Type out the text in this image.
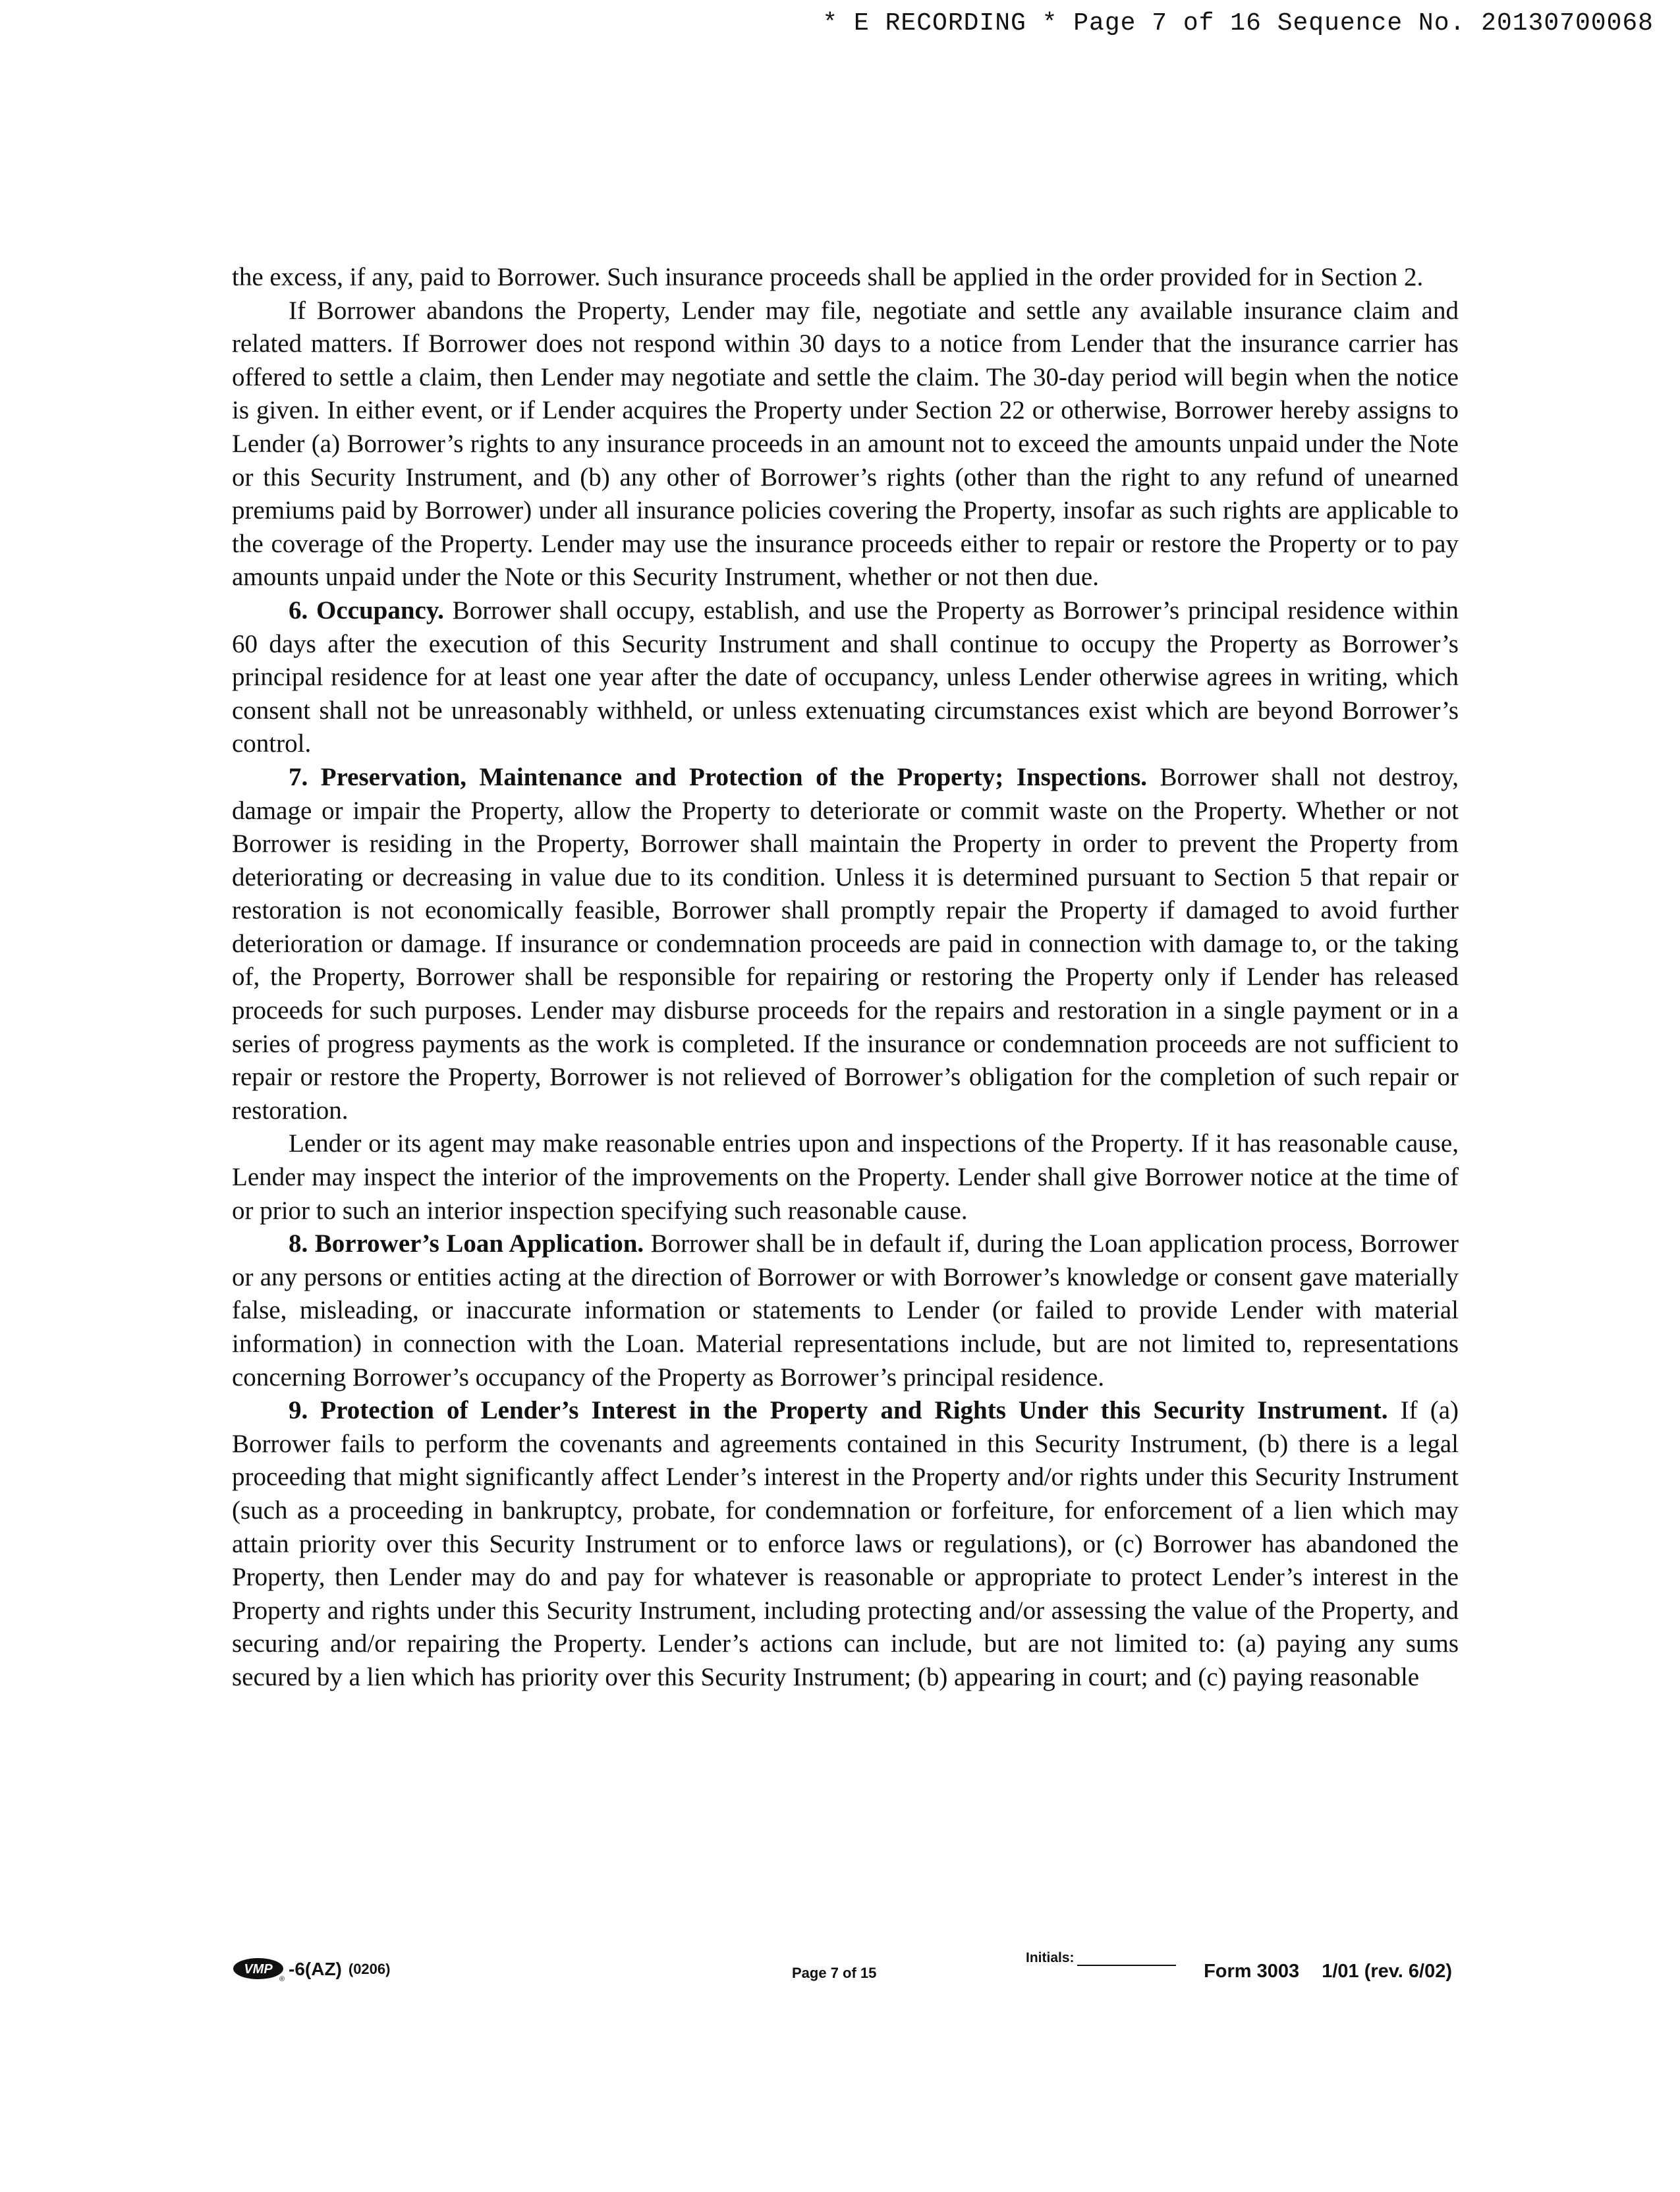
* E RECORDING * Page 7 of 16 Sequence No. 20130700068

the excess, if any, paid to Borrower. Such insurance proceeds shall be applied in the order provided for in Section 2.

If Borrower abandons the Property, Lender may file, negotiate and settle any available insurance claim and related matters. If Borrower does not respond within 30 days to a notice from Lender that the insurance carrier has offered to settle a claim, then Lender may negotiate and settle the claim. The 30-day period will begin when the notice is given. In either event, or if Lender acquires the Property under Section 22 or otherwise, Borrower hereby assigns to Lender (a) Borrower’s rights to any insurance proceeds in an amount not to exceed the amounts unpaid under the Note or this Security Instrument, and (b) any other of Borrower’s rights (other than the right to any refund of unearned premiums paid by Borrower) under all insurance policies covering the Property, insofar as such rights are applicable to the coverage of the Property. Lender may use the insurance proceeds either to repair or restore the Property or to pay amounts unpaid under the Note or this Security Instrument, whether or not then due.

6. Occupancy. Borrower shall occupy, establish, and use the Property as Borrower’s principal residence within 60 days after the execution of this Security Instrument and shall continue to occupy the Property as Borrower’s principal residence for at least one year after the date of occupancy, unless Lender otherwise agrees in writing, which consent shall not be unreasonably withheld, or unless extenuating circumstances exist which are beyond Borrower’s control.

7. Preservation, Maintenance and Protection of the Property; Inspections. Borrower shall not destroy, damage or impair the Property, allow the Property to deteriorate or commit waste on the Property. Whether or not Borrower is residing in the Property, Borrower shall maintain the Property in order to prevent the Property from deteriorating or decreasing in value due to its condition. Unless it is determined pursuant to Section 5 that repair or restoration is not economically feasible, Borrower shall promptly repair the Property if damaged to avoid further deterioration or damage. If insurance or condemnation proceeds are paid in connection with damage to, or the taking of, the Property, Borrower shall be responsible for repairing or restoring the Property only if Lender has released proceeds for such purposes. Lender may disburse proceeds for the repairs and restoration in a single payment or in a series of progress payments as the work is completed. If the insurance or condemnation proceeds are not sufficient to repair or restore the Property, Borrower is not relieved of Borrower’s obligation for the completion of such repair or restoration.

Lender or its agent may make reasonable entries upon and inspections of the Property. If it has reasonable cause, Lender may inspect the interior of the improvements on the Property. Lender shall give Borrower notice at the time of or prior to such an interior inspection specifying such reasonable cause.

8. Borrower’s Loan Application. Borrower shall be in default if, during the Loan application process, Borrower or any persons or entities acting at the direction of Borrower or with Borrower’s knowledge or consent gave materially false, misleading, or inaccurate information or statements to Lender (or failed to provide Lender with material information) in connection with the Loan. Material representations include, but are not limited to, representations concerning Borrower’s occupancy of the Property as Borrower’s principal residence.

9. Protection of Lender’s Interest in the Property and Rights Under this Security Instrument. If (a) Borrower fails to perform the covenants and agreements contained in this Security Instrument, (b) there is a legal proceeding that might significantly affect Lender’s interest in the Property and/or rights under this Security Instrument (such as a proceeding in bankruptcy, probate, for condemnation or forfeiture, for enforcement of a lien which may attain priority over this Security Instrument or to enforce laws or regulations), or (c) Borrower has abandoned the Property, then Lender may do and pay for whatever is reasonable or appropriate to protect Lender’s interest in the Property and rights under this Security Instrument, including protecting and/or assessing the value of the Property, and securing and/or repairing the Property. Lender’s actions can include, but are not limited to: (a) paying any sums secured by a lien which has priority over this Security Instrument; (b) appearing in court; and (c) paying reasonable

VMP
® -6(AZ) (0206)	Page 7 of 15
Initials:
Form 3003 1/01 (rev. 6/02)
